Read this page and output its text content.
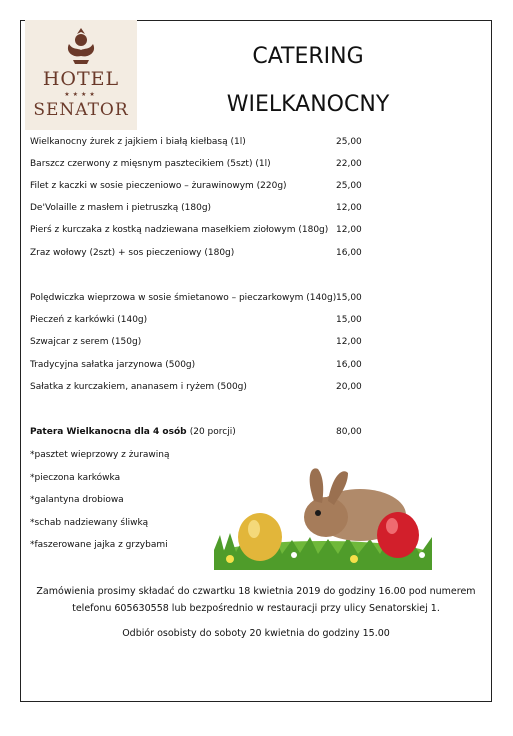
HOTEL
★★★★
SENATOR
CATERING
WIELKANOCNY
Wielkanocny żurek z jajkiem i białą kiełbasą (1l)	25,00
Barszcz czerwony z mięsnym pasztecikiem (5szt) (1l)	22,00
Filet z kaczki w sosie pieczeniowo – żurawinowym (220g)	25,00
De'Volaille z masłem i pietruszką (180g)	12,00
Pierś z kurczaka z kostką nadziewana masełkiem ziołowym (180g) 12,00
Zraz wołowy (2szt) + sos pieczeniowy (180g)	16,00
Polędwiczka wieprzowa w sosie śmietanowo – pieczarkowym (140g) 15,00
Pieczeń z karkówki (140g)	15,00
Szwajcar z serem (150g)	12,00
Tradycyjna sałatka jarzynowa (500g)	16,00
Sałatka z kurczakiem, ananasem i ryżem (500g)	20,00
Patera Wielkanocna dla 4 osób (20 porcji)	80,00
*pasztet wieprzowy z żurawiną
*pieczona karkówka
*galantyna drobiowa
*schab nadziewany śliwką
*faszerowane jajka z grzybami
Zamówienia prosimy składać do czwartku 18 kwietnia 2019 do godziny 16.00 pod numerem
telefonu 605630558 lub bezpośrednio w restauracji przy ulicy Senatorskiej 1.
Odbiór osobisty do soboty 20 kwietnia do godziny 15.00
